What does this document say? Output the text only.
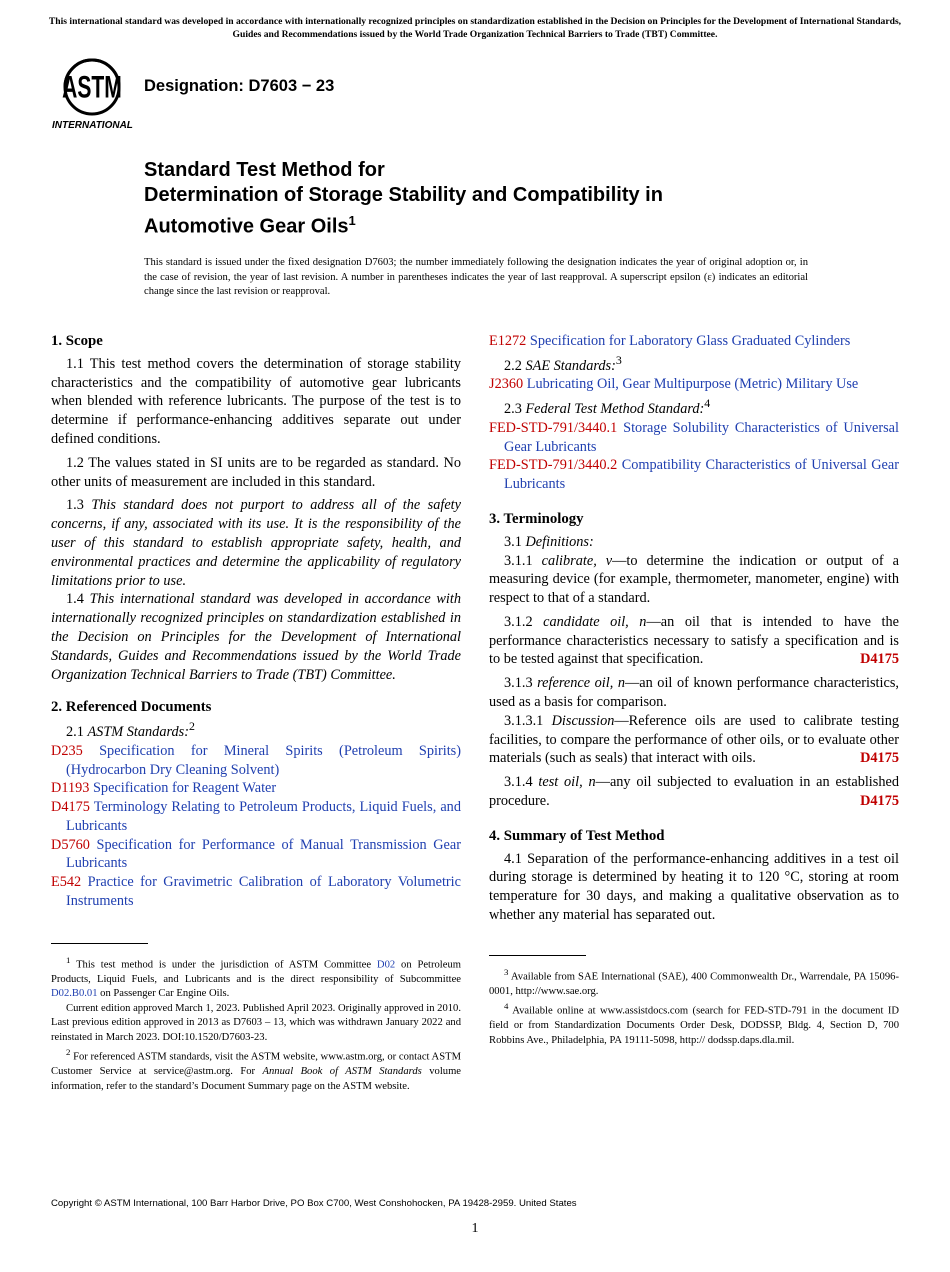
This international standard was developed in accordance with internationally recognized principles on standardization established in the Decision on Principles for the Development of International Standards, Guides and Recommendations issued by the World Trade Organization Technical Barriers to Trade (TBT) Committee.
ASTM
INTERNATIONAL
Designation: D7603 − 23
Standard Test Method for
Determination of Storage Stability and Compatibility in
Automotive Gear Oils$^1$
This standard is issued under the fixed designation D7603; the number immediately following the designation indicates the year of original adoption or, in the case of revision, the year of last revision. A number in parentheses indicates the year of last reapproval. A superscript epsilon (ε) indicates an editorial change since the last revision or reapproval.

1. Scope

1.1 This test method covers the determination of storage stability characteristics and the compatibility of automotive gear lubricants when blended with reference lubricants. The purpose of the test is to determine if performance-enhancing additives separate out under defined conditions.

1.2 The values stated in SI units are to be regarded as standard. No other units of measurement are included in this standard.

1.3 This standard does not purport to address all of the safety concerns, if any, associated with its use. It is the responsibility of the user of this standard to establish appropriate safety, health, and environmental practices and determine the applicability of regulatory limitations prior to use.

1.4 This international standard was developed in accordance with internationally recognized principles on standardization established in the Decision on Principles for the Development of International Standards, Guides and Recommendations issued by the World Trade Organization Technical Barriers to Trade (TBT) Committee.

2. Referenced Documents

2.1 ASTM Standards:$^2$

D235 Specification for Mineral Spirits (Petroleum Spirits) (Hydrocarbon Dry Cleaning Solvent)

D1193 Specification for Reagent Water

D4175 Terminology Relating to Petroleum Products, Liquid Fuels, and Lubricants

D5760 Specification for Performance of Manual Transmission Gear Lubricants

E542 Practice for Gravimetric Calibration of Laboratory Volumetric Instruments

$^1$ This test method is under the jurisdiction of ASTM Committee D02 on Petroleum Products, Liquid Fuels, and Lubricants and is the direct responsibility of Subcommittee D02.B0.01 on Passenger Car Engine Oils.

Current edition approved March 1, 2023. Published April 2023. Originally approved in 2010. Last previous edition approved in 2013 as D7603 – 13, which was withdrawn January 2022 and reinstated in March 2023. DOI:10.1520/D7603-23.

$^2$ For referenced ASTM standards, visit the ASTM website, www.astm.org, or contact ASTM Customer Service at service@astm.org. For Annual Book of ASTM Standards volume information, refer to the standard’s Document Summary page on the ASTM website.

E1272 Specification for Laboratory Glass Graduated Cylinders

2.2 SAE Standards:$^3$

J2360 Lubricating Oil, Gear Multipurpose (Metric) Military Use

2.3 Federal Test Method Standard:$^4$

FED-STD-791/3440.1 Storage Solubility Characteristics of Universal Gear Lubricants

FED-STD-791/3440.2 Compatibility Characteristics of Universal Gear Lubricants

3. Terminology

3.1 Definitions:

3.1.1 calibrate, v—to determine the indication or output of a measuring device (for example, thermometer, manometer, engine) with respect to that of a standard.

3.1.2 candidate oil, n—an oil that is intended to have the performance characteristics necessary to satisfy a specification and is to be tested against that specification.	D4175

3.1.3 reference oil, n—an oil of known performance characteristics, used as a basis for comparison.

3.1.3.1 Discussion—Reference oils are used to calibrate testing facilities, to compare the performance of other oils, or to evaluate other materials (such as seals) that interact with oils.	D4175

3.1.4 test oil, n—any oil subjected to evaluation in an established procedure.	D4175

4. Summary of Test Method

4.1 Separation of the performance-enhancing additives in a test oil during storage is determined by heating it to 120 °C, storing at room temperature for 30 days, and making a qualitative observation as to whether any material has separated out.

$^3$ Available from SAE International (SAE), 400 Commonwealth Dr., Warrendale, PA 15096-0001, http://www.sae.org.

$^4$ Available online at www.assistdocs.com (search for FED-STD-791 in the document ID field or from Standardization Documents Order Desk, DODSSP, Bldg. 4, Section D, 700 Robbins Ave., Philadelphia, PA 19111-5098, http:// dodssp.daps.dla.mil.

Copyright © ASTM International, 100 Barr Harbor Drive, PO Box C700, West Conshohocken, PA 19428-2959. United States
1
